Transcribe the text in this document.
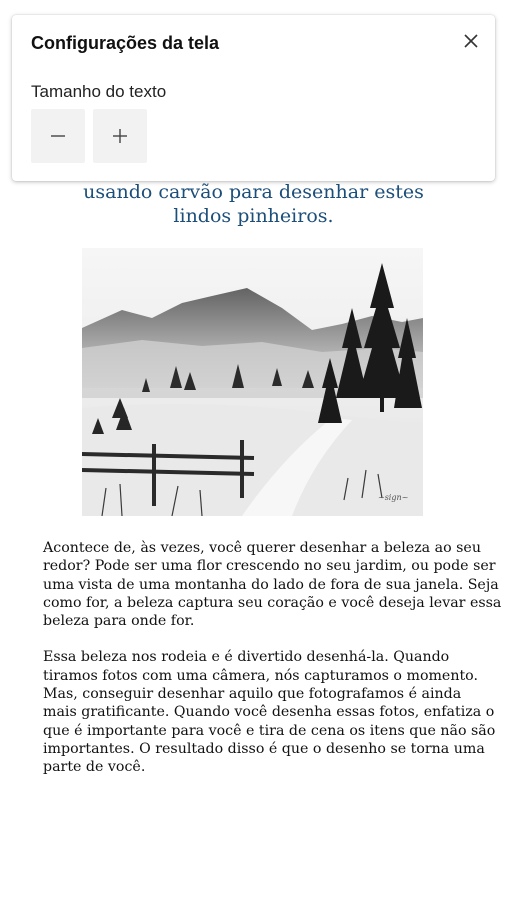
usando carvão para desenhar estes
lindos pinheiros.
~sign~
Acontece de, às vezes, você querer desenhar a beleza ao seu
redor? Pode ser uma flor crescendo no seu jardim, ou pode ser
uma vista de uma montanha do lado de fora de sua janela. Seja
como for, a beleza captura seu coração e você deseja levar essa
beleza para onde for.
Essa beleza nos rodeia e é divertido desenhá-la. Quando
tiramos fotos com uma câmera, nós capturamos o momento.
Mas, conseguir desenhar aquilo que fotografamos é ainda
mais gratificante. Quando você desenha essas fotos, enfatiza o
que é importante para você e tira de cena os itens que não são
importantes. O resultado disso é que o desenho se torna uma
parte de você.
Configurações da tela
Tamanho do texto
